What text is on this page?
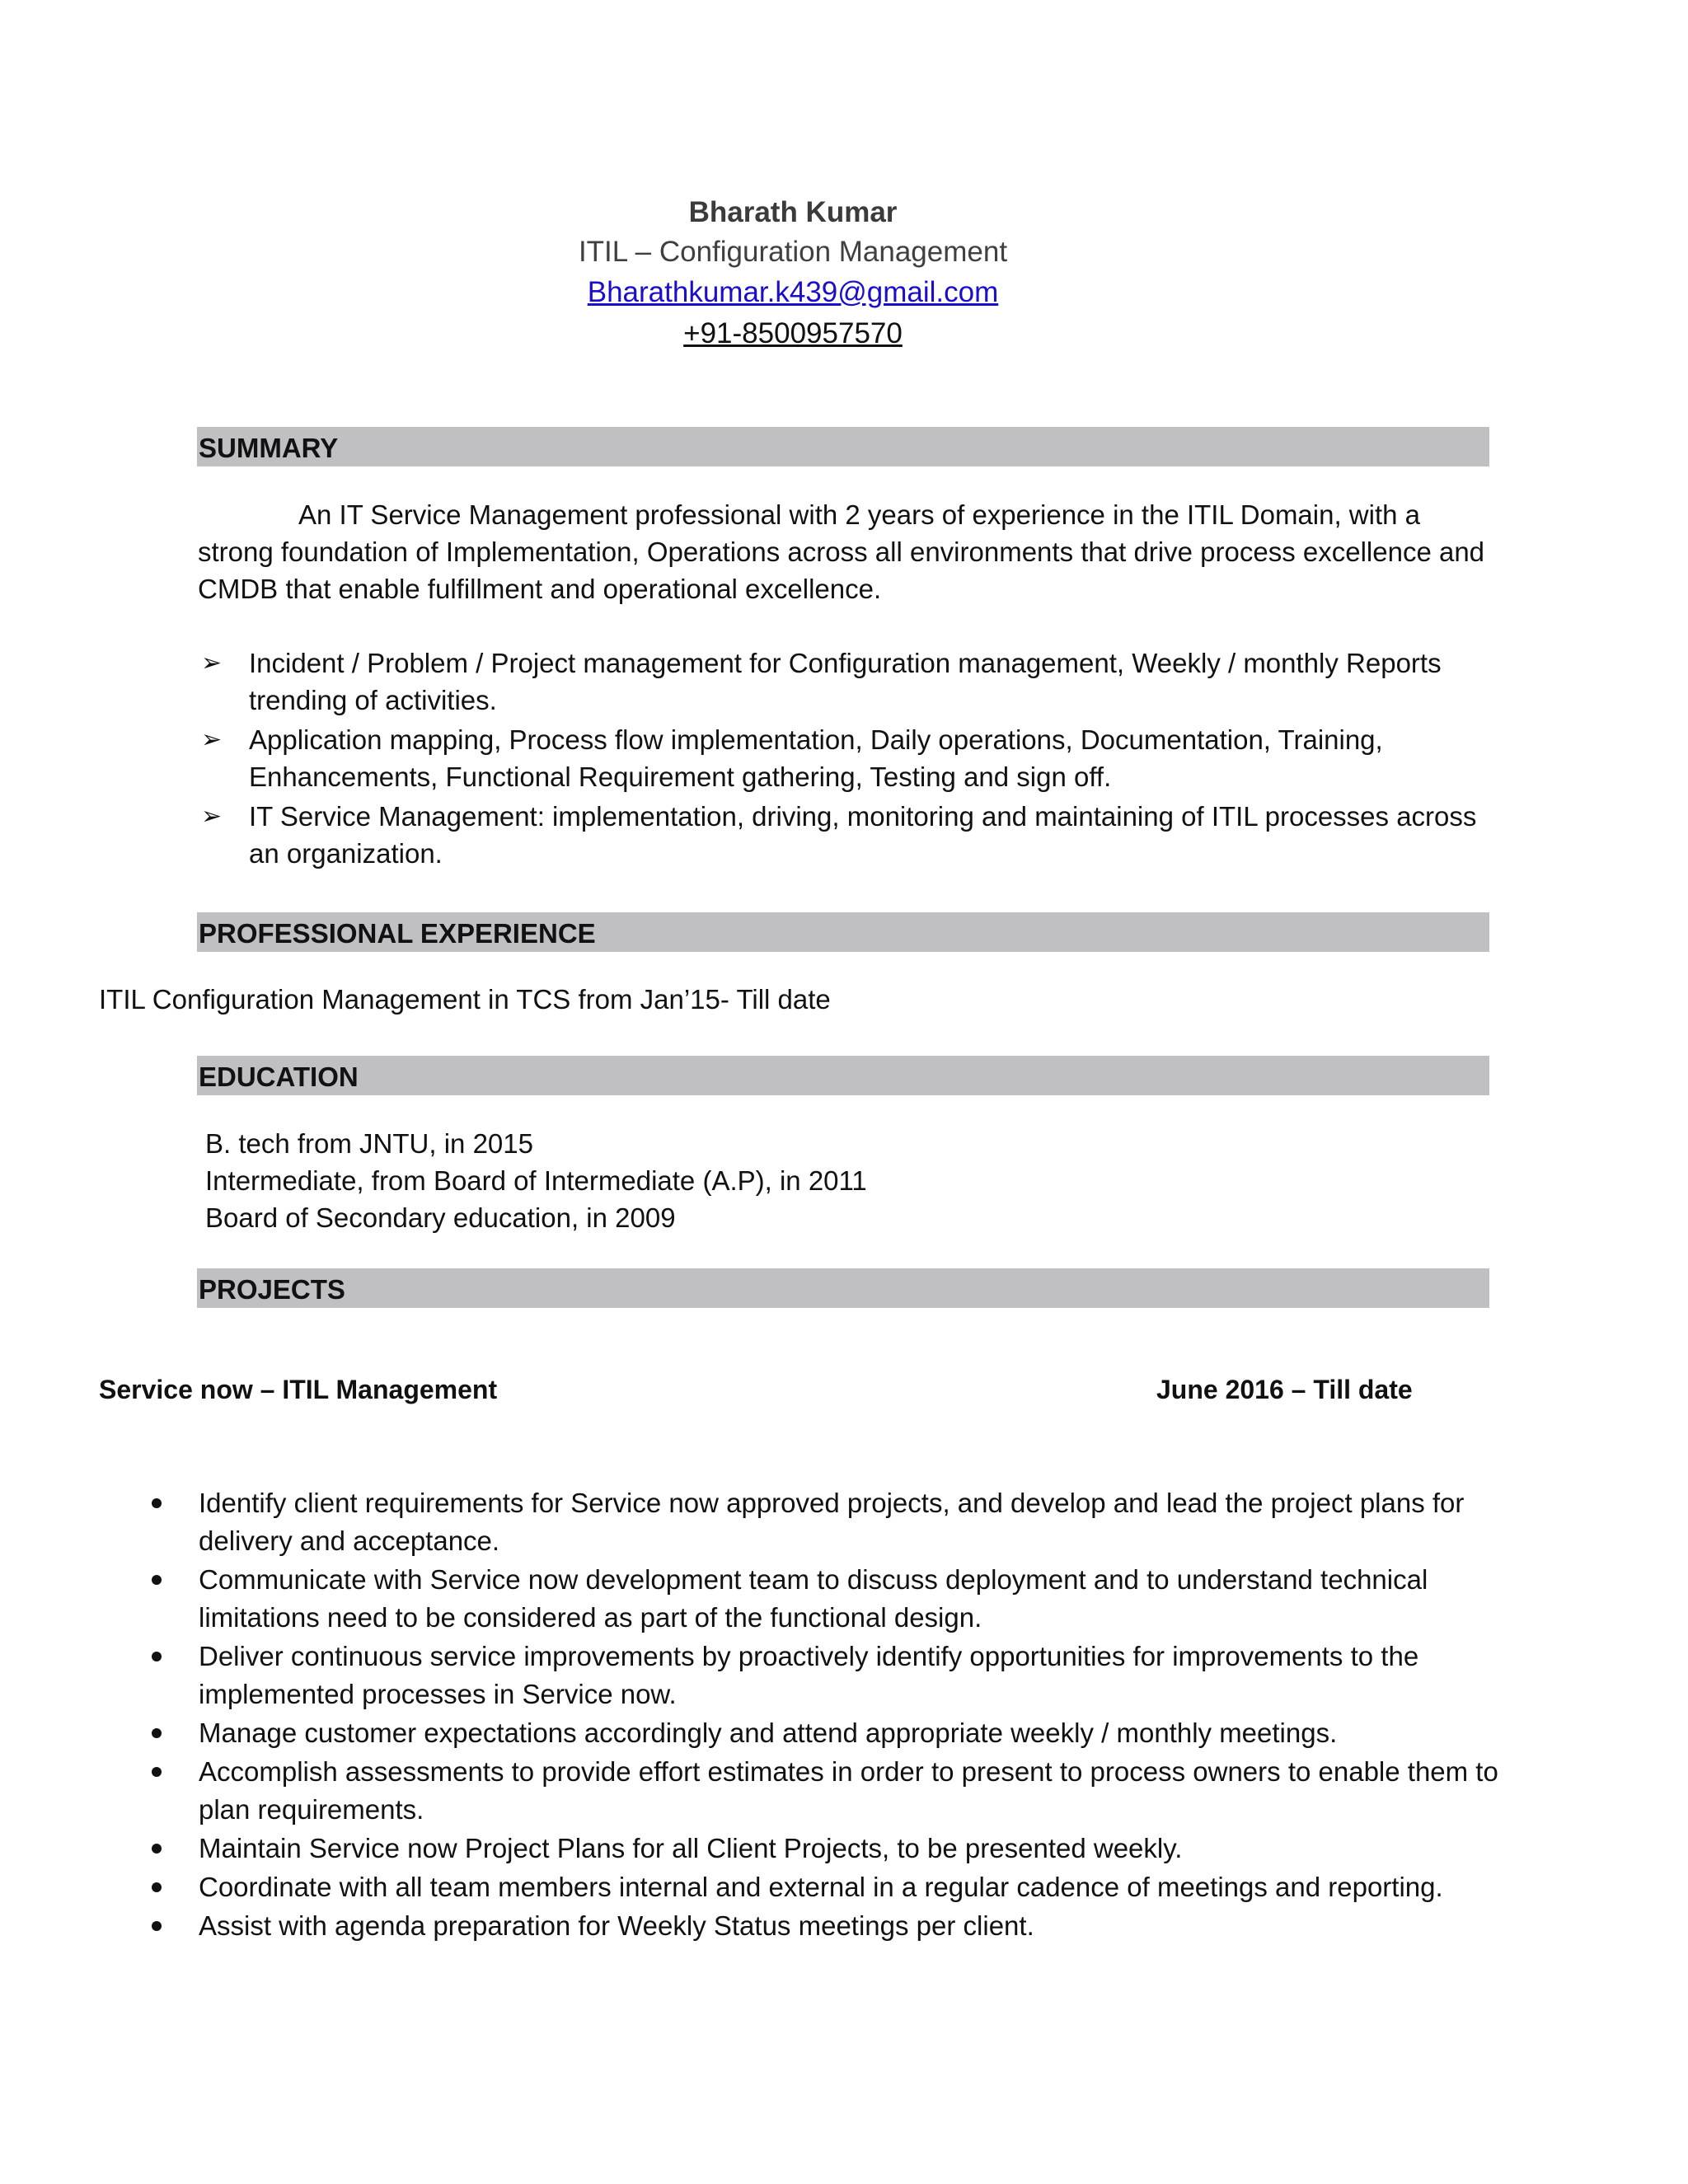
Bharath Kumar
ITIL – Configuration Management
Bharathkumar.k439@gmail.com
+91-8500957570
SUMMARY
An IT Service Management professional with 2 years of experience in the ITIL Domain, with a strong foundation of Implementation, Operations across all environments that drive process excellence and CMDB that enable fulfillment and operational excellence.
➢ Incident / Problem / Project management for Configuration management, Weekly / monthly Reports trending of activities.
➢ Application mapping, Process flow implementation, Daily operations, Documentation, Training, Enhancements, Functional Requirement gathering, Testing and sign off.
➢ IT Service Management: implementation, driving, monitoring and maintaining of ITIL processes across an organization.
PROFESSIONAL EXPERIENCE
ITIL Configuration Management in TCS from Jan’15- Till date
EDUCATION
B. tech from JNTU, in 2015
Intermediate, from Board of Intermediate (A.P), in 2011
Board of Secondary education, in 2009
PROJECTS
Service now – ITIL Management	June 2016 – Till date
Identify client requirements for Service now approved projects, and develop and lead the project plans for delivery and acceptance.
Communicate with Service now development team to discuss deployment and to understand technical limitations need to be considered as part of the functional design.
Deliver continuous service improvements by proactively identify opportunities for improvements to the implemented processes in Service now.
Manage customer expectations accordingly and attend appropriate weekly / monthly meetings.
Accomplish assessments to provide effort estimates in order to present to process owners to enable them to plan requirements.
Maintain Service now Project Plans for all Client Projects, to be presented weekly.
Coordinate with all team members internal and external in a regular cadence of meetings and reporting.
Assist with agenda preparation for Weekly Status meetings per client.
